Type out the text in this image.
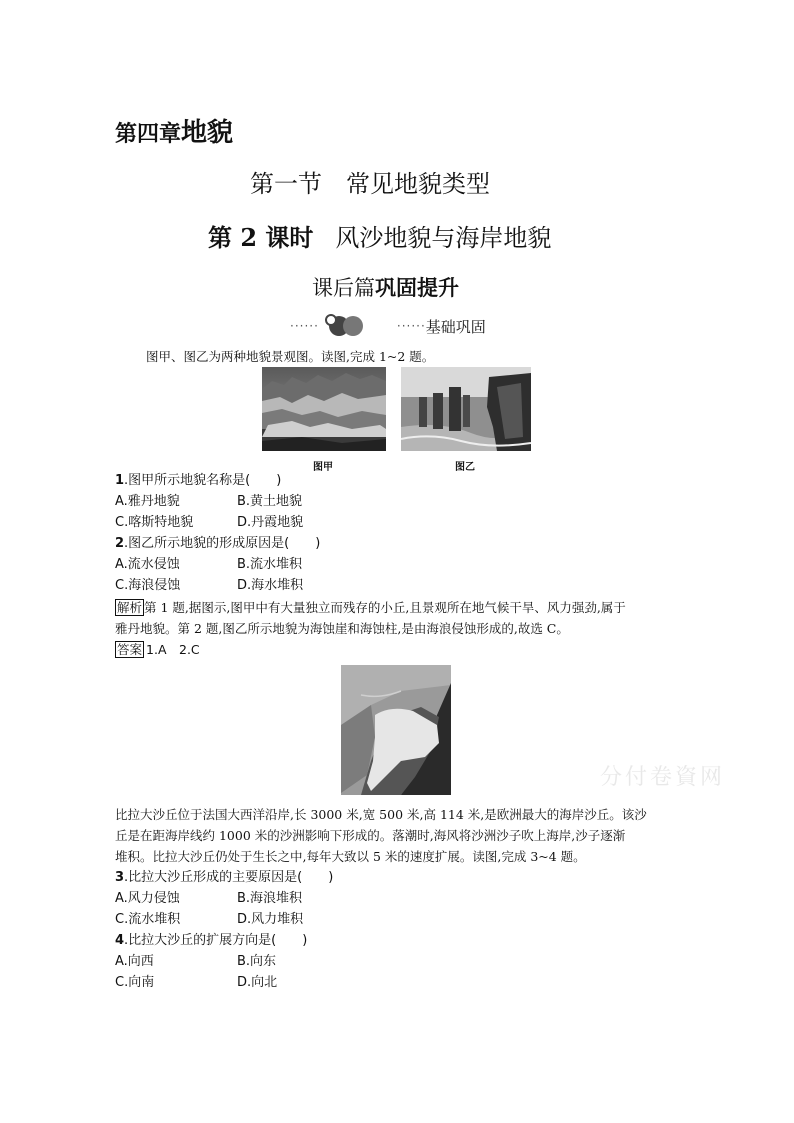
第四章地貌
第一节　常见地貌类型
第 2 课时 风沙地貌与海岸地貌
课后篇巩固提升
······	······ 基础巩固
图甲、图乙为两种地貌景观图。读图,完成 1~2 题。
图甲	图乙
1.图甲所示地貌名称是(　　)
A.雅丹地貌	B.黄土地貌
C.喀斯特地貌	D.丹霞地貌
2.图乙所示地貌的形成原因是(　　)
A.流水侵蚀	B.流水堆积
C.海浪侵蚀	D.海水堆积
解析 第 1 题,据图示,图甲中有大量独立而残存的小丘,且景观所在地气候干旱、风力强劲,属于
雅丹地貌。第 2 题,图乙所示地貌为海蚀崖和海蚀柱,是由海浪侵蚀形成的,故选 C。
答案 1.A　2.C
分付卷資网
比拉大沙丘位于法国大西洋沿岸,长 3000 米,宽 500 米,高 114 米,是欧洲最大的海岸沙丘。该沙
丘是在距海岸线约 1000 米的沙洲影响下形成的。落潮时,海风将沙洲沙子吹上海岸,沙子逐渐
堆积。比拉大沙丘仍处于生长之中,每年大致以 5 米的速度扩展。读图,完成 3~4 题。
3.比拉大沙丘形成的主要原因是(　　)
A.风力侵蚀	B.海浪堆积
C.流水堆积	D.风力堆积
4.比拉大沙丘的扩展方向是(　　)
A.向西	B.向东
C.向南	D.向北
